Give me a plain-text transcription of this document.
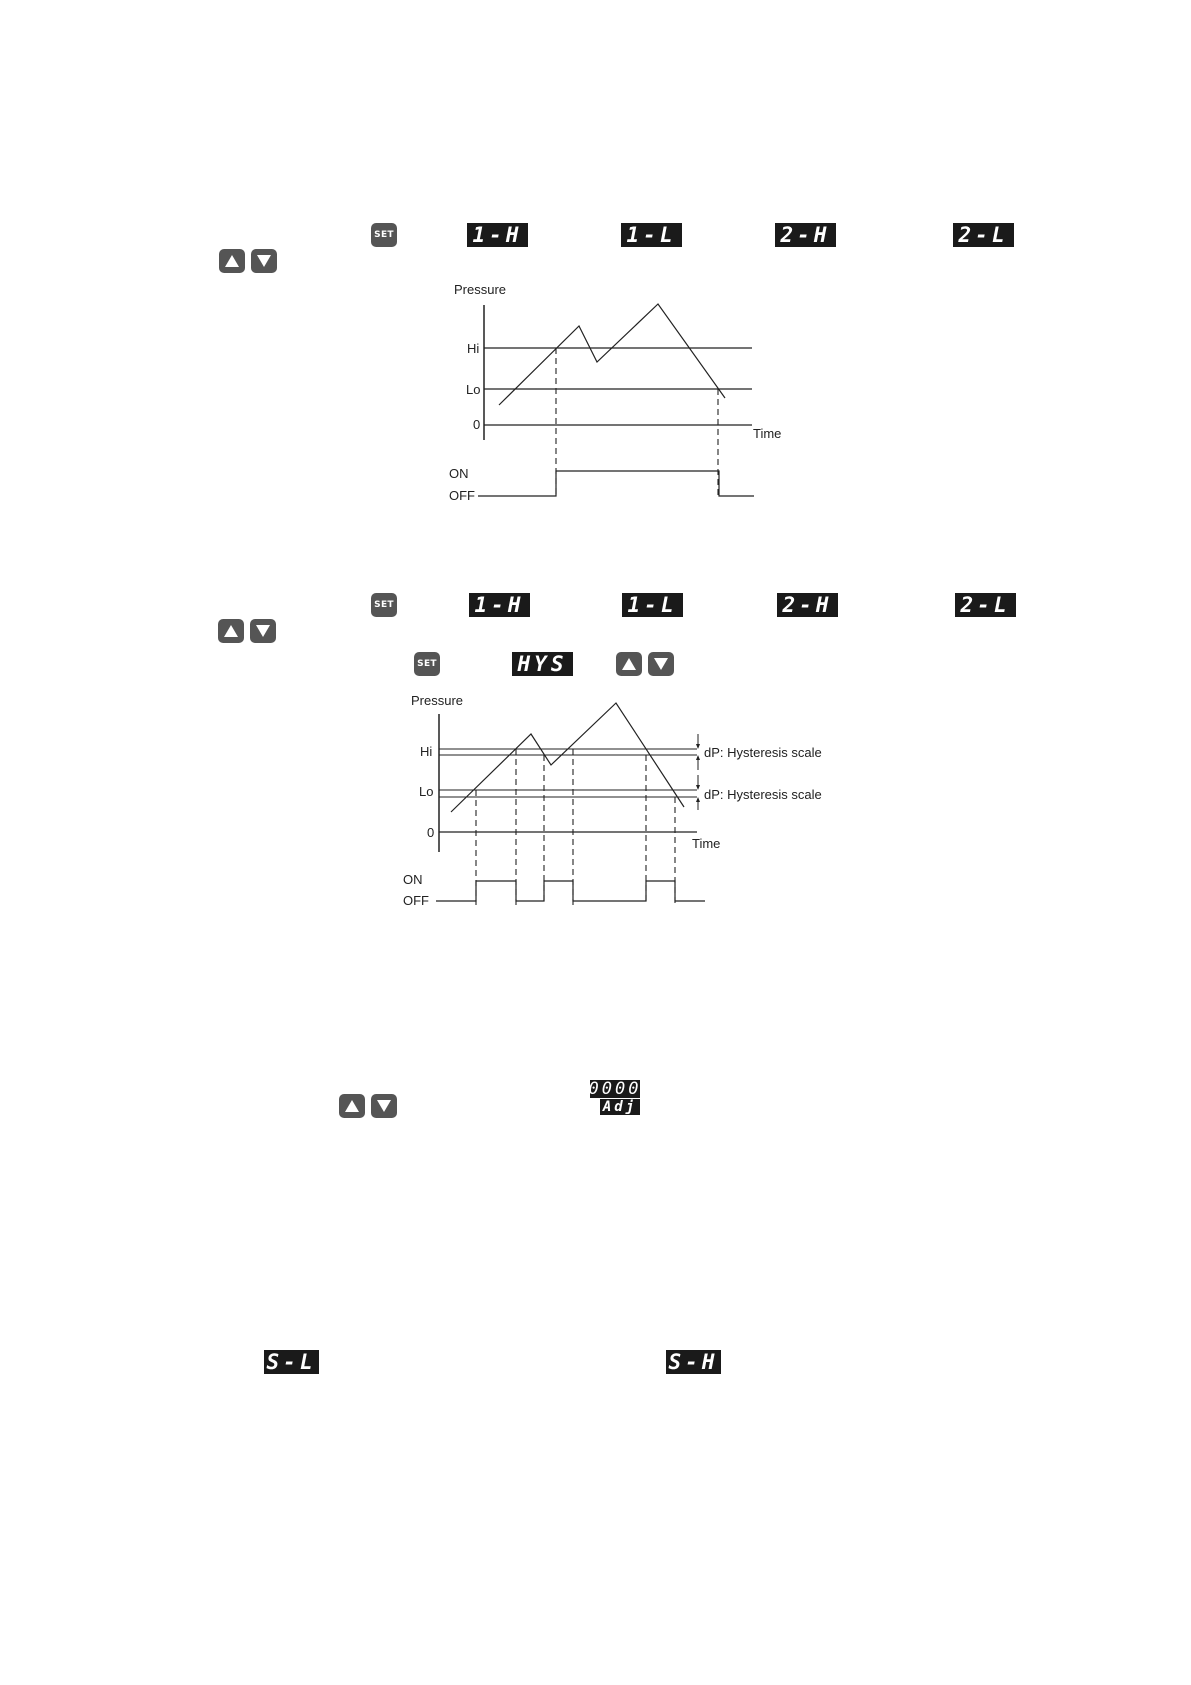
SET	1-H	1-L	2-H	2-L
Pressure
Hi
Lo
0
Time
ON
OFF
SET	1-H	1-L	2-H	2-L
SET	HYS
Pressure
Hi
Lo
0
Time
dP: Hysteresis scale
dP: Hysteresis scale
ON
OFF
0000
Adj
S-L	S-H
